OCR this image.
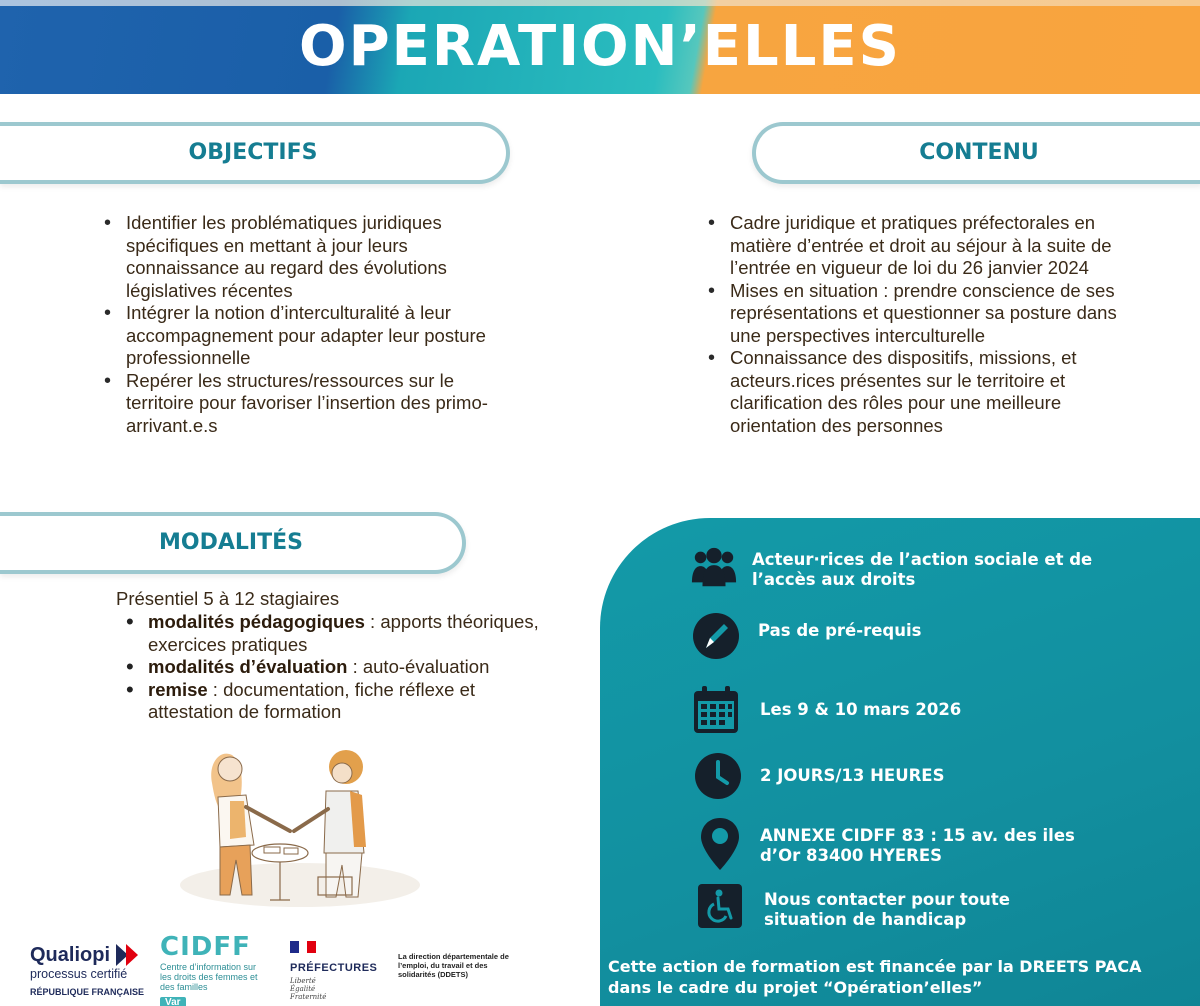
OPERATION’ELLES
OBJECTIFS
• Identifier les problématiques juridiques spécifiques en mettant à jour leurs connaissance au regard des évolutions législatives récentes
• Intégrer la notion d’interculturalité à leur accompagnement pour adapter leur posture professionnelle
• Repérer les structures/ressources sur le territoire pour favoriser l’insertion des primo-arrivant.e.s
CONTENU
• Cadre juridique et pratiques préfectorales en matière d’entrée et droit au séjour à la suite de l’entrée en vigueur de loi du 26 janvier 2024
• Mises en situation : prendre conscience de ses représentations et questionner sa posture dans une perspectives interculturelle
• Connaissance des dispositifs, missions, et acteurs.rices présentes sur le territoire et clarification des rôles pour une meilleure orientation des personnes
MODALITÉS
Présentiel 5 à 12 stagiaires
• modalités pédagogiques : apports théoriques, exercices pratiques
• modalités d’évaluation : auto-évaluation
• remise : documentation, fiche réflexe et attestation de formation
Acteur·rices de l’action sociale et de l’accès aux droits
Pas de pré-requis
Les 9 & 10 mars 2026
2 JOURS/13 HEURES
ANNEXE CIDFF 83 : 15 av. des iles d’Or 83400 HYERES
Nous contacter pour toute situation de handicap
Cette action de formation est financée par la DREETS PACA dans le cadre du projet “Opération’elles”
Qualiopi
processus certifié
RÉPUBLIQUE FRANÇAISE
CIDFF
Centre d’information sur les droits des femmes et des familles
Var
PRÉFECTURES
Liberté Égalité Fraternité
La direction départementale de l’emploi, du travail et des solidarités (DDETS)
